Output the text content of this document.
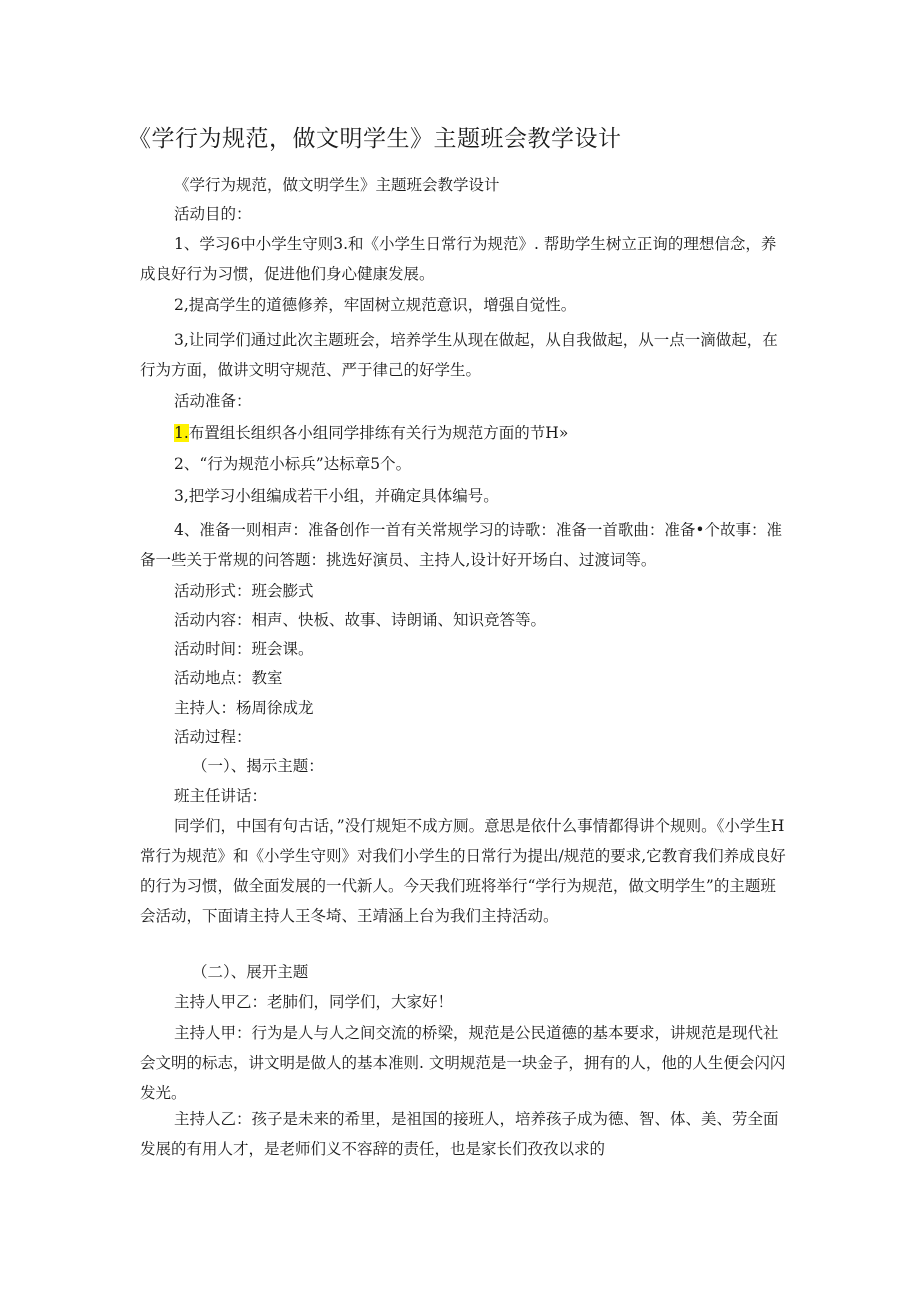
《学行为规范，做文明学生》主题班会教学设计

《学行为规范，做文明学生》主题班会教学设计

活动目的：

1、学习6中小学生守则3.和《小学生日常行为规范》. 帮助学生树立正询的理想信念，养成良好行为习惯，促进他们身心健康发展。

2,提高学生的道德修养，牢固树立规范意识，增强自觉性。

3,让同学们通过此次主题班会，培养学生从现在做起，从自我做起，从一点一滴做起，在行为方面，做讲文明守规范、严于律己的好学生。

活动准备：

1.布置组长组织各小组同学排练有关行为规范方面的节H»

2、“行为规范小标兵”达标章5个。

3,把学习小组编成若干小组，并确定具体编号。

4、准备一则相声：准备创作一首有关常规学习的诗歌：准备一首歌曲：准备•个故事：准备一些关于常规的问答题：挑选好演员、主持人,设计好开场白、过渡词等。

活动形式：班会膨式

活动内容：相声、快板、故事、诗朗诵、知识竞答等。

活动时间：班会课。

活动地点：教室

主持人：杨周徐成龙

活动过程：

（一）、揭示主题：

班主任讲话：

同学们，中国有句古话，”没仃规矩不成方厕。意思是依什么事情都得讲个规则。《小学生H常行为规范》和《小学生守则》对我们小学生的日常行为提出/规范的要求,它教育我们养成良好的行为习惯，做全面发展的一代新人。今天我们班将举行“学行为规范，做文明学生”的主题班会活动，下面请主持人王冬埼、王靖涵上台为我们主持活动。

（二）、展开主题

主持人甲乙：老肺们，同学们，大家好！

主持人甲：行为是人与人之间交流的桥梁，规范是公民道德的基本要求，讲规范是现代社会文明的标志，讲文明是做人的基本准则. 文明规范是一块金子，拥有的人，他的人生便会闪闪发光。

主持人乙：孩子是未来的希里，是祖国的接班人，培养孩子成为德、智、体、美、劳全面发展的有用人才，是老师们义不容辞的责任，也是家长们孜孜以求的
